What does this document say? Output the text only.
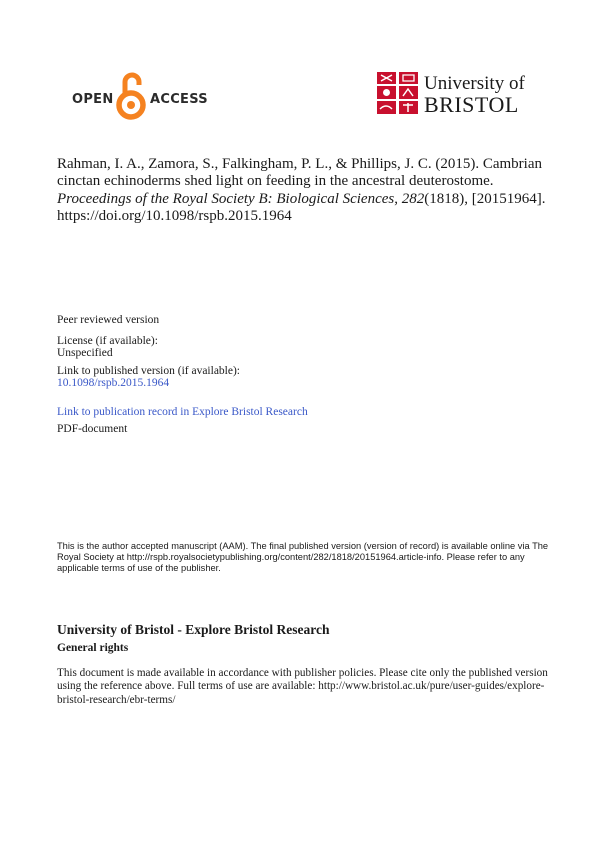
OPEN	ACCESS
University of
BRISTOL
Rahman, I. A., Zamora, S., Falkingham, P. L., & Phillips, J. C. (2015). Cambrian cinctan echinoderms shed light on feeding in the ancestral deuterostome. Proceedings of the Royal Society B: Biological Sciences, 282(1818), [20151964]. https://doi.org/10.1098/rspb.2015.1964
Peer reviewed version
License (if available):
Unspecified
Link to published version (if available):
10.1098/rspb.2015.1964
Link to publication record in Explore Bristol Research
PDF-document
This is the author accepted manuscript (AAM). The final published version (version of record) is available online via The Royal Society at http://rspb.royalsocietypublishing.org/content/282/1818/20151964.article-info. Please refer to any applicable terms of use of the publisher.
University of Bristol - Explore Bristol Research
General rights
This document is made available in accordance with publisher policies. Please cite only the published version using the reference above. Full terms of use are available: http://www.bristol.ac.uk/pure/user-guides/explore-bristol-research/ebr-terms/
